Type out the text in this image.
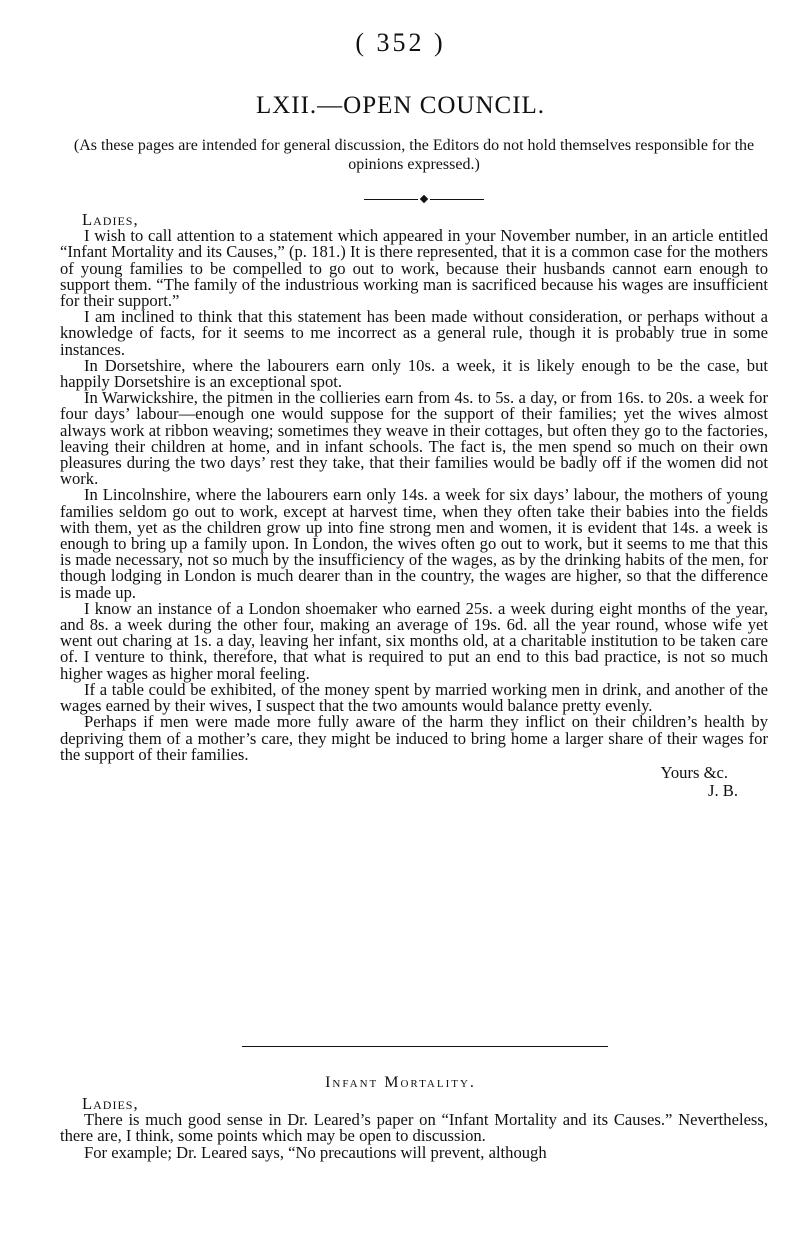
( 352 )
LXII.—OPEN COUNCIL.
(As these pages are intended for general discussion, the Editors do not hold themselves responsible for the opinions expressed.)

Ladies,

I wish to call attention to a statement which appeared in your November number, in an article entitled “Infant Mortality and its Causes,” (p. 181.) It is there represented, that it is a common case for the mothers of young families to be compelled to go out to work, because their husbands cannot earn enough to support them. “The family of the industrious working man is sacrificed because his wages are insufficient for their support.”

I am inclined to think that this statement has been made without consideration, or perhaps without a knowledge of facts, for it seems to me incorrect as a general rule, though it is probably true in some instances.

In Dorsetshire, where the labourers earn only 10s. a week, it is likely enough to be the case, but happily Dorsetshire is an exceptional spot.

In Warwickshire, the pitmen in the collieries earn from 4s. to 5s. a day, or from 16s. to 20s. a week for four days’ labour—enough one would suppose for the support of their families; yet the wives almost always work at ribbon weaving; sometimes they weave in their cottages, but often they go to the factories, leaving their children at home, and in infant schools. The fact is, the men spend so much on their own pleasures during the two days’ rest they take, that their families would be badly off if the women did not work.

In Lincolnshire, where the labourers earn only 14s. a week for six days’ labour, the mothers of young families seldom go out to work, except at harvest time, when they often take their babies into the fields with them, yet as the children grow up into fine strong men and women, it is evident that 14s. a week is enough to bring up a family upon. In London, the wives often go out to work, but it seems to me that this is made necessary, not so much by the insufficiency of the wages, as by the drinking habits of the men, for though lodging in London is much dearer than in the country, the wages are higher, so that the difference is made up.

I know an instance of a London shoemaker who earned 25s. a week during eight months of the year, and 8s. a week during the other four, making an average of 19s. 6d. all the year round, whose wife yet went out charing at 1s. a day, leaving her infant, six months old, at a charitable institution to be taken care of. I venture to think, therefore, that what is required to put an end to this bad practice, is not so much higher wages as higher moral feeling.

If a table could be exhibited, of the money spent by married working men in drink, and another of the wages earned by their wives, I suspect that the two amounts would balance pretty evenly.

Perhaps if men were made more fully aware of the harm they inflict on their children’s health by depriving them of a mother’s care, they might be induced to bring home a larger share of their wages for the support of their families.

Yours &c.

J. B.

Infant Mortality.

Ladies,

There is much good sense in Dr. Leared’s paper on “Infant Mortality and its Causes.” Nevertheless, there are, I think, some points which may be open to discussion.

For example; Dr. Leared says, “No precautions will prevent, although
